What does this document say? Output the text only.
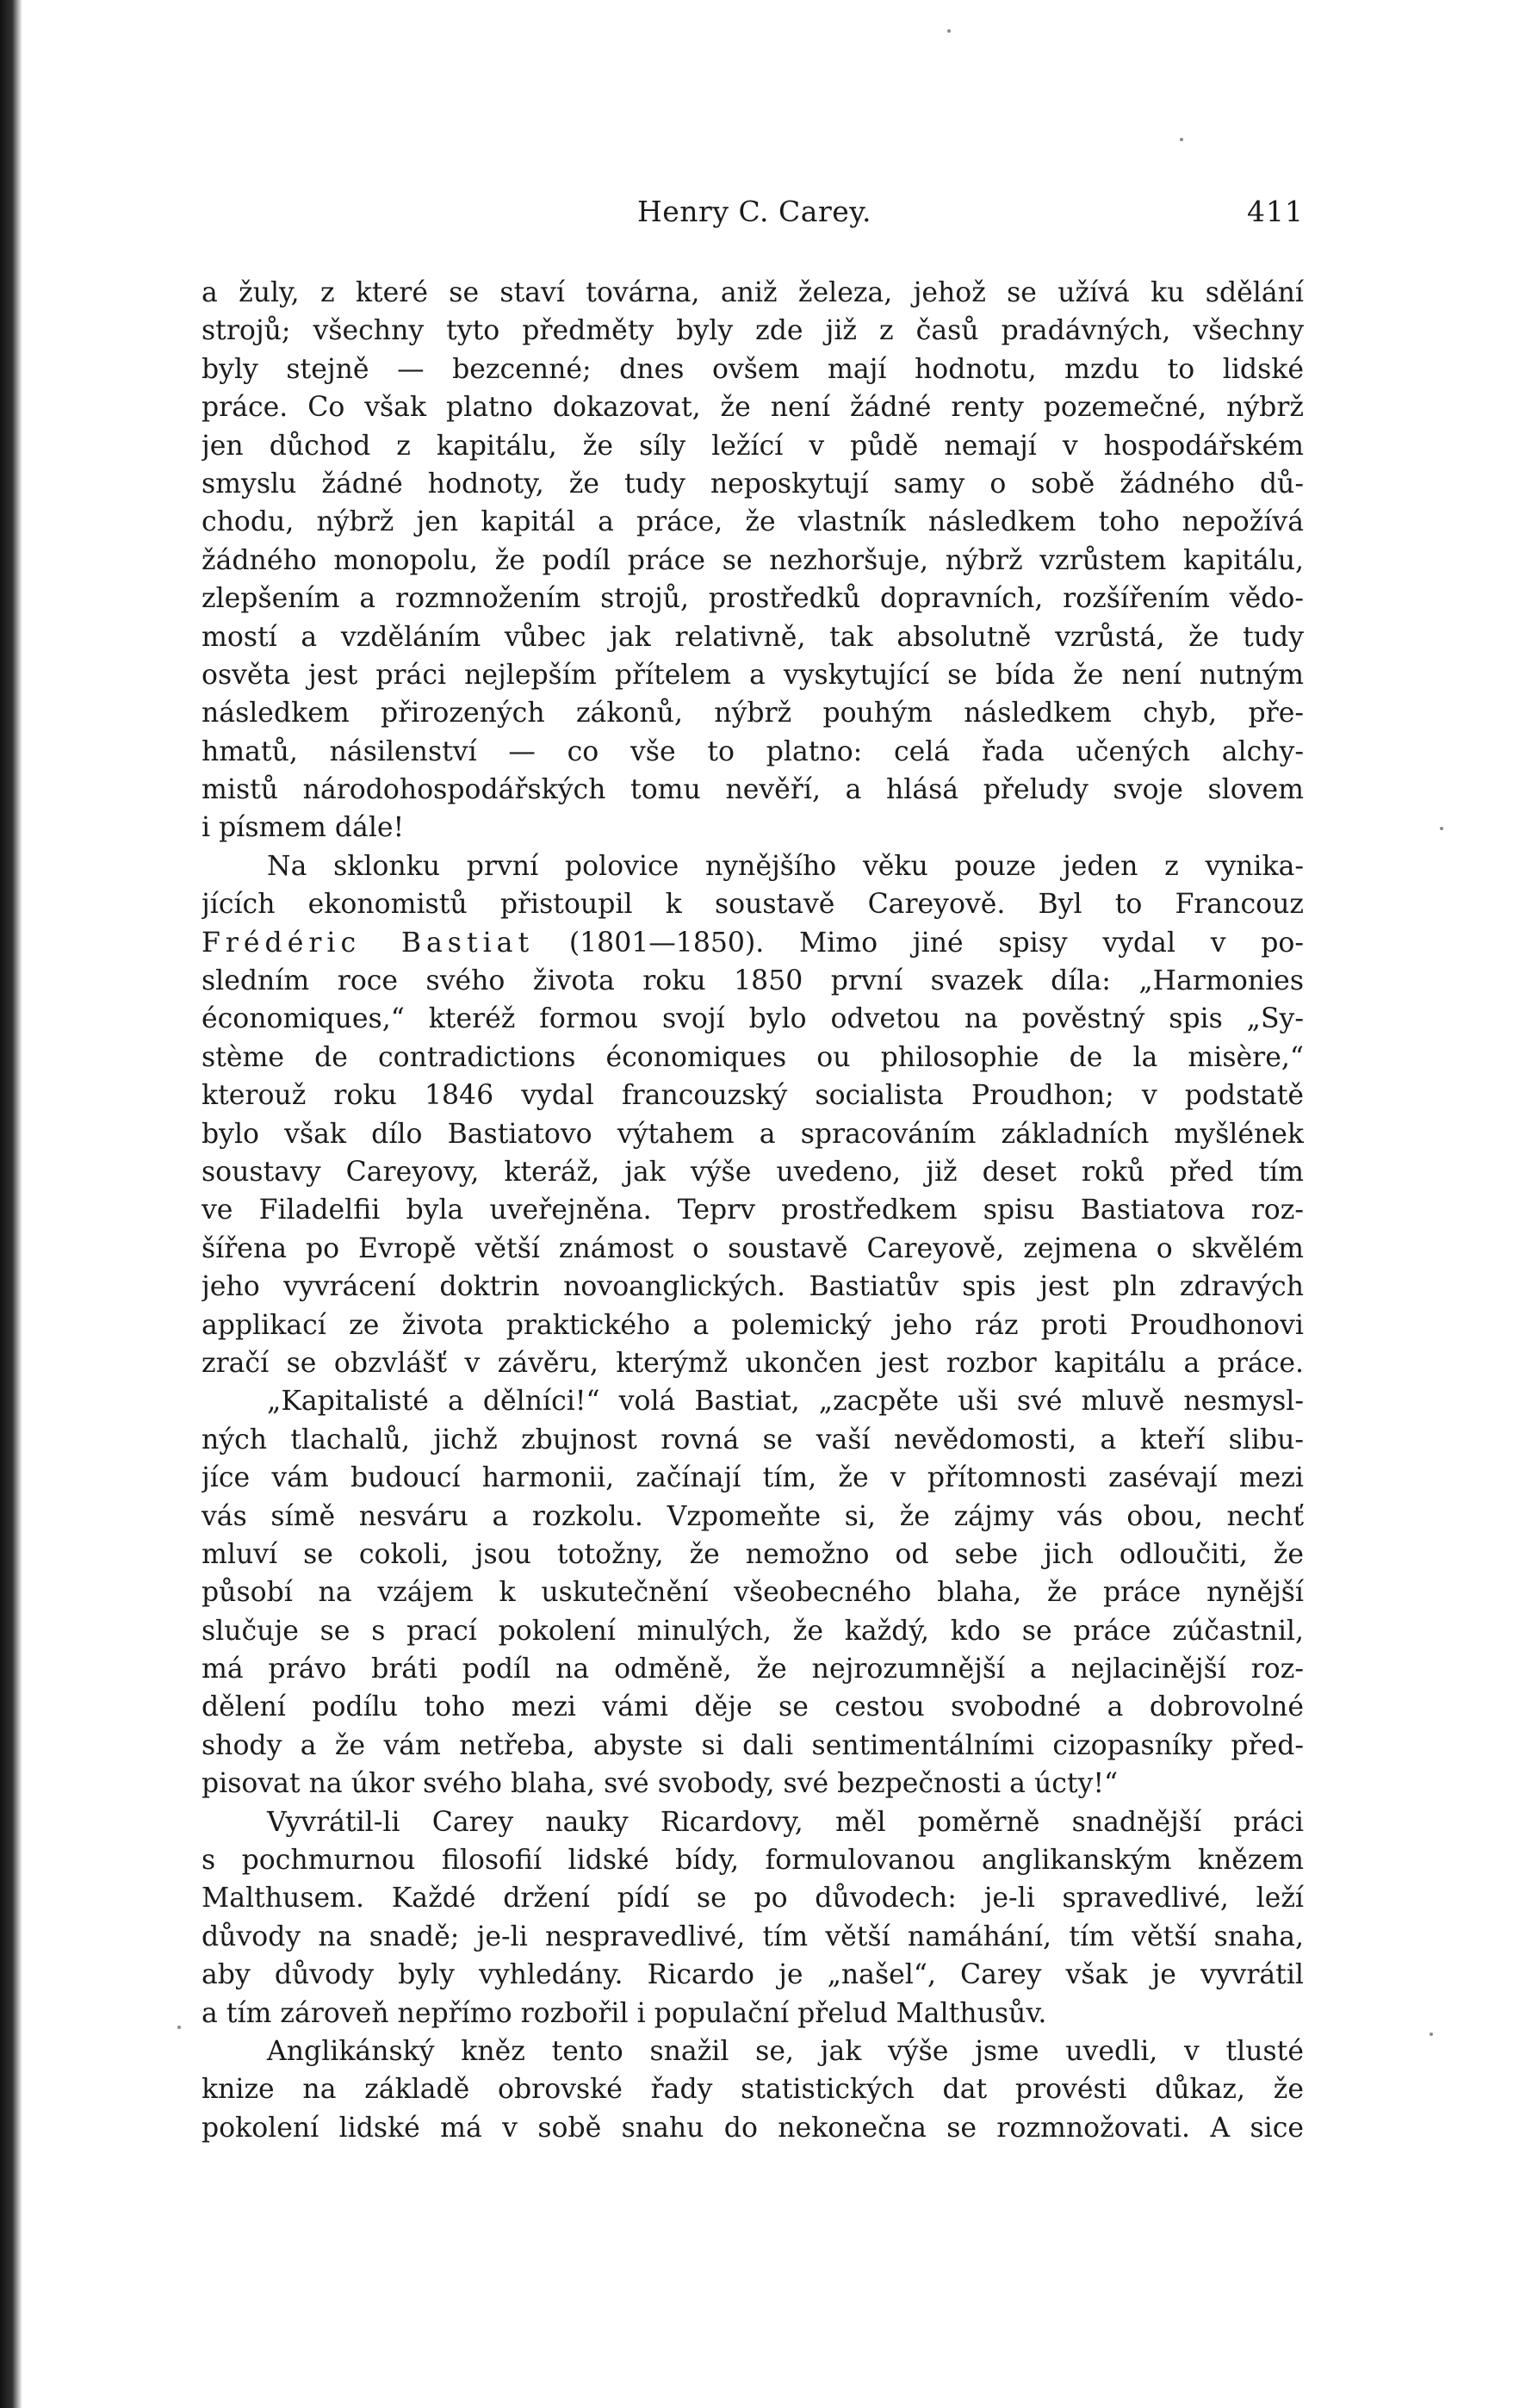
Henry C. Carey.	411
a žuly, z které se staví továrna, aniž železa, jehož se užívá ku sdělání
strojů; všechny tyto předměty byly zde již z časů pradávných, všechny
byly stejně — bezcenné; dnes ovšem mají hodnotu, mzdu to lidské
práce. Co však platno dokazovat, že není žádné renty pozemečné, nýbrž
jen důchod z kapitálu, že síly ležící v půdě nemají v hospodářském
smyslu žádné hodnoty, že tudy neposkytují samy o sobě žádného dů-
chodu, nýbrž jen kapitál a práce, že vlastník následkem toho nepožívá
žádného monopolu, že podíl práce se nezhoršuje, nýbrž vzrůstem kapitálu,
zlepšením a rozmnožením strojů, prostředků dopravních, rozšířením vědo-
mostí a vzděláním vůbec jak relativně, tak absolutně vzrůstá, že tudy
osvěta jest práci nejlepším přítelem a vyskytující se bída že není nutným
následkem přirozených zákonů, nýbrž pouhým následkem chyb, pře-
hmatů, násilenství — co vše to platno: celá řada učených alchy-
mistů národohospodářských tomu nevěří, a hlásá přeludy svoje slovem
i písmem dále!
Na sklonku první polovice nynějšího věku pouze jeden z vynika-
jících ekonomistů přistoupil k soustavě Careyově. Byl to Francouz
Frédéric Bastiat (1801—1850). Mimo jiné spisy vydal v po-
sledním roce svého života roku 1850 první svazek díla: „Harmonies
économiques,“ kteréž formou svojí bylo odvetou na pověstný spis „Sy-
stème de contradictions économiques ou philosophie de la misère,“
kterouž roku 1846 vydal francouzský socialista Proudhon; v podstatě
bylo však dílo Bastiatovo výtahem a spracováním základních myšlének
soustavy Careyovy, kteráž, jak výše uvedeno, již deset roků před tím
ve Filadelfii byla uveřejněna. Teprv prostředkem spisu Bastiatova roz-
šířena po Evropě větší známost o soustavě Careyově, zejmena o skvělém
jeho vyvrácení doktrin novoanglických. Bastiatův spis jest pln zdravých
applikací ze života praktického a polemický jeho ráz proti Proudhonovi
zračí se obzvlášť v závěru, kterýmž ukončen jest rozbor kapitálu a práce.
„Kapitalisté a dělníci!“ volá Bastiat, „zacpěte uši své mluvě nesmysl-
ných tlachalů, jichž zbujnost rovná se vaší nevědomosti, a kteří slibu-
jíce vám budoucí harmonii, začínají tím, že v přítomnosti zasévají mezi
vás símě nesváru a rozkolu. Vzpomeňte si, že zájmy vás obou, nechť
mluví se cokoli, jsou totožny, že nemožno od sebe jich odloučiti, že
působí na vzájem k uskutečnění všeobecného blaha, že práce nynější
slučuje se s prací pokolení minulých, že každý, kdo se práce zúčastnil,
má právo bráti podíl na odměně, že nejrozumnější a nejlacinější roz-
dělení podílu toho mezi vámi děje se cestou svobodné a dobrovolné
shody a že vám netřeba, abyste si dali sentimentálními cizopasníky před-
pisovat na úkor svého blaha, své svobody, své bezpečnosti a úcty!“
Vyvrátil-li Carey nauky Ricardovy, měl poměrně snadnější práci
s pochmurnou filosofií lidské bídy, formulovanou anglikanským knězem
Malthusem. Každé držení pídí se po důvodech: je-li spravedlivé, leží
důvody na snadě; je-li nespravedlivé, tím větší namáhání, tím větší snaha,
aby důvody byly vyhledány. Ricardo je „našel“, Carey však je vyvrátil
a tím zároveň nepřímo rozbořil i populační přelud Malthusův.
Anglikánský kněz tento snažil se, jak výše jsme uvedli, v tlusté
knize na základě obrovské řady statistických dat provésti důkaz, že
pokolení lidské má v sobě snahu do nekonečna se rozmnožovati. A sice
